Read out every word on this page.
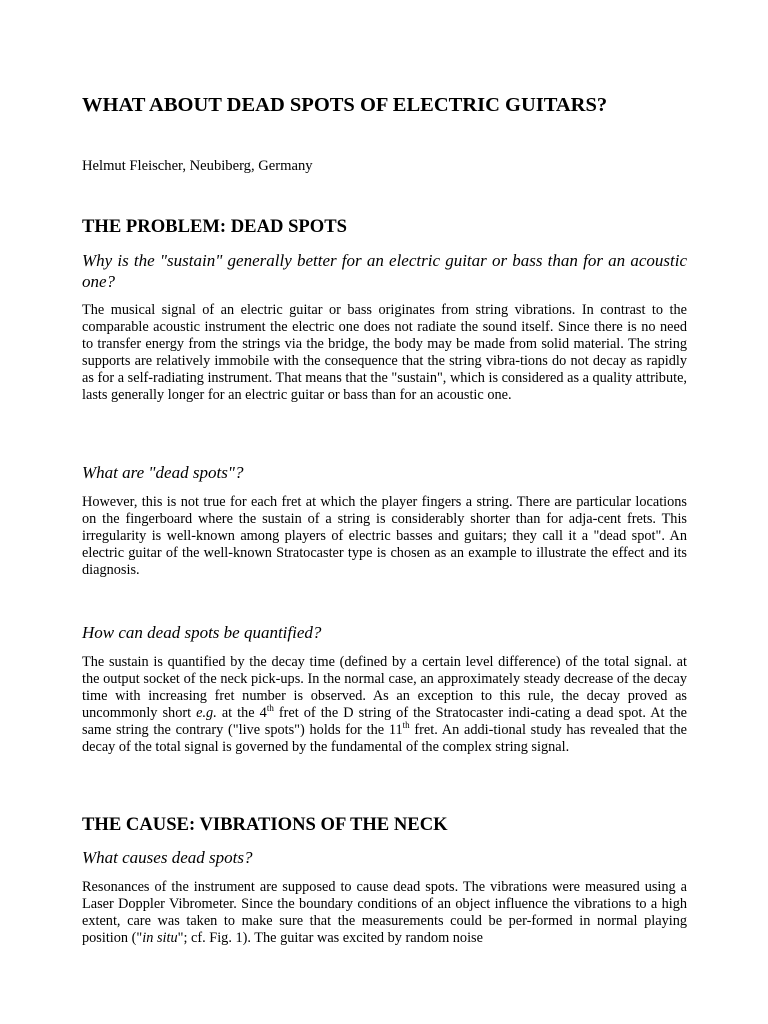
WHAT ABOUT DEAD SPOTS OF ELECTRIC GUITARS?

Helmut Fleischer, Neubiberg, Germany

THE PROBLEM: DEAD SPOTS

Why is the "sustain" generally better for an electric guitar or bass than for an acoustic one?

The musical signal of an electric guitar or bass originates from string vibrations. In contrast to the comparable acoustic instrument the electric one does not radiate the sound itself. Since there is no need to transfer energy from the strings via the bridge, the body may be made from solid material. The string supports are relatively immobile with the consequence that the string vibra-tions do not decay as rapidly as for a self-radiating instrument. That means that the "sustain", which is considered as a quality attribute, lasts generally longer for an electric guitar or bass than for an acoustic one.

What are "dead spots"?

However, this is not true for each fret at which the player fingers a string. There are particular locations on the fingerboard where the sustain of a string is considerably shorter than for adja-cent frets. This irregularity is well-known among players of electric basses and guitars; they call it a "dead spot". An electric guitar of the well-known Stratocaster type is chosen as an example to illustrate the effect and its diagnosis.

How can dead spots be quantified?

The sustain is quantified by the decay time (defined by a certain level difference) of the total signal. at the output socket of the neck pick-ups. In the normal case, an approximately steady decrease of the decay time with increasing fret number is observed. As an exception to this rule, the decay proved as uncommonly short e.g. at the 4th fret of the D string of the Stratocaster indi-cating a dead spot. At the same string the contrary ("live spots") holds for the 11th fret. An addi-tional study has revealed that the decay of the total signal is governed by the fundamental of the complex string signal.

THE CAUSE: VIBRATIONS OF THE NECK

What causes dead spots?

Resonances of the instrument are supposed to cause dead spots. The vibrations were measured using a Laser Doppler Vibrometer. Since the boundary conditions of an object influence the vibrations to a high extent, care was taken to make sure that the measurements could be per-formed in normal playing position ("in situ"; cf. Fig. 1). The guitar was excited by random noise
